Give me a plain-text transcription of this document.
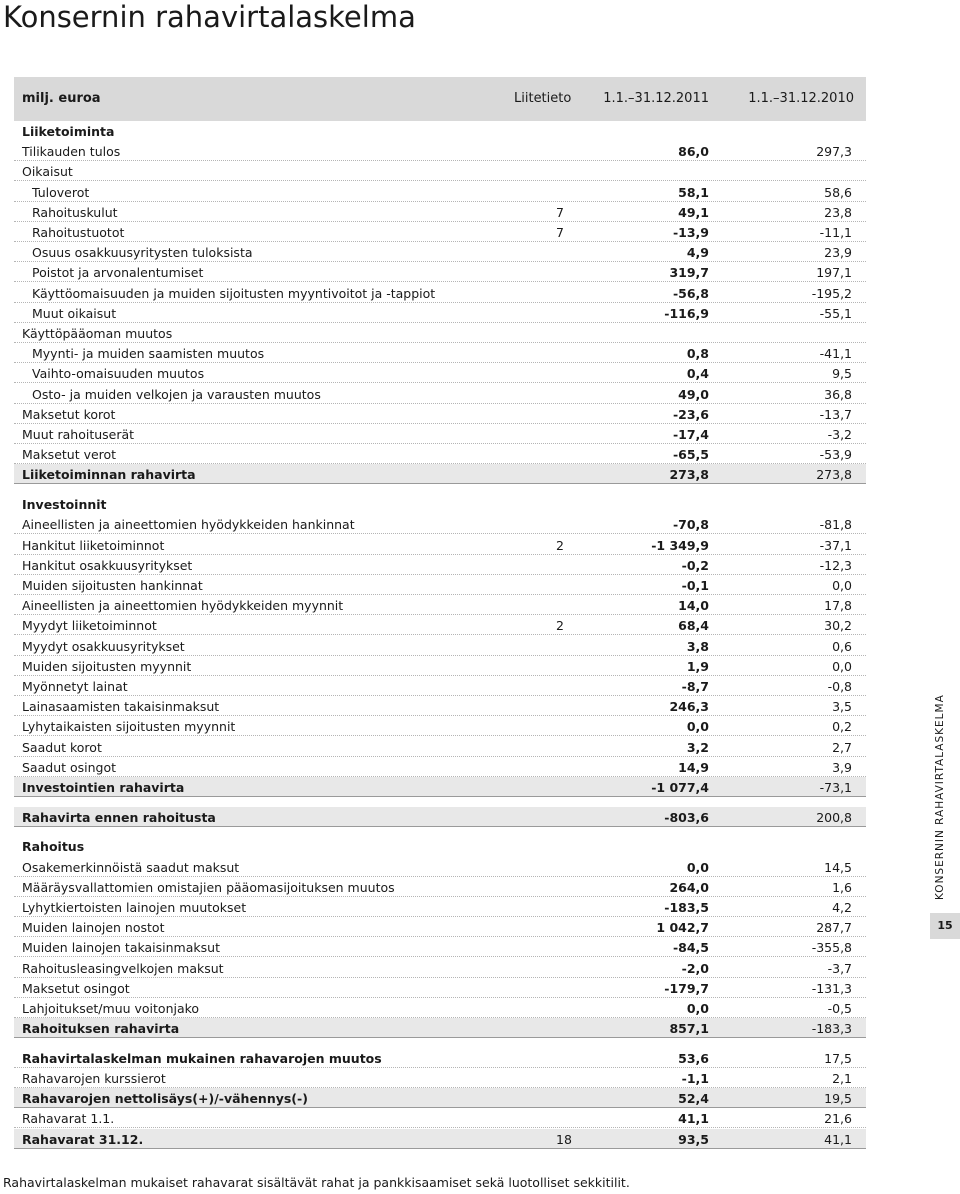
Konsernin rahavirtalaskelma
milj. euroa	Liitetieto 1.1.–31.12.2011	1.1.–31.12.2010
Liiketoiminta
Tilikauden tulos	86,0	297,3
Oikaisut
Tuloverot	58,1	58,6
Rahoituskulut	7	49,1	23,8
Rahoitustuotot	7	-13,9	-11,1
Osuus osakkuusyritysten tuloksista	4,9	23,9
Poistot ja arvonalentumiset	319,7	197,1
Käyttöomaisuuden ja muiden sijoitusten myyntivoitot ja -tappiot	-56,8	-195,2
Muut oikaisut	-116,9	-55,1
Käyttöpääoman muutos
Myynti- ja muiden saamisten muutos	0,8	-41,1
Vaihto-omaisuuden muutos	0,4	9,5
Osto- ja muiden velkojen ja varausten muutos	49,0	36,8
Maksetut korot	-23,6	-13,7
Muut rahoituserät	-17,4	-3,2
Maksetut verot	-65,5	-53,9
Liiketoiminnan rahavirta	273,8	273,8
Investoinnit
Aineellisten ja aineettomien hyödykkeiden hankinnat	-70,8	-81,8
Hankitut liiketoiminnot	2	-1 349,9	-37,1
Hankitut osakkuusyritykset	-0,2	-12,3
Muiden sijoitusten hankinnat	-0,1	0,0
Aineellisten ja aineettomien hyödykkeiden myynnit	14,0	17,8
Myydyt liiketoiminnot	2	68,4	30,2
Myydyt osakkuusyritykset	3,8	0,6
Muiden sijoitusten myynnit	1,9	0,0
Myönnetyt lainat	-8,7	-0,8
Lainasaamisten takaisinmaksut	246,3	3,5
Lyhytaikaisten sijoitusten myynnit	0,0	0,2
Saadut korot	3,2	2,7
Saadut osingot	14,9	3,9
Investointien rahavirta	-1 077,4	-73,1
Rahavirta ennen rahoitusta	-803,6	200,8
Rahoitus
Osakemerkinnöistä saadut maksut	0,0	14,5
Määräysvallattomien omistajien pääomasijoituksen muutos	264,0	1,6
Lyhytkiertoisten lainojen muutokset	-183,5	4,2
Muiden lainojen nostot	1 042,7	287,7
Muiden lainojen takaisinmaksut	-84,5	-355,8
Rahoitusleasingvelkojen maksut	-2,0	-3,7
Maksetut osingot	-179,7	-131,3
Lahjoitukset/muu voitonjako	0,0	-0,5
Rahoituksen rahavirta	857,1	-183,3
Rahavirtalaskelman mukainen rahavarojen muutos	53,6	17,5
Rahavarojen kurssierot	-1,1	2,1
Rahavarojen nettolisäys(+)/-vähennys(-)	52,4	19,5
Rahavarat 1.1.	41,1	21,6
Rahavarat 31.12.	18	93,5	41,1
Rahavirtalaskelman mukaiset rahavarat sisältävät rahat ja pankkisaamiset sekä luotolliset sekkitilit.
KONSERNIN RAHAVIRTALASKELMA
15
